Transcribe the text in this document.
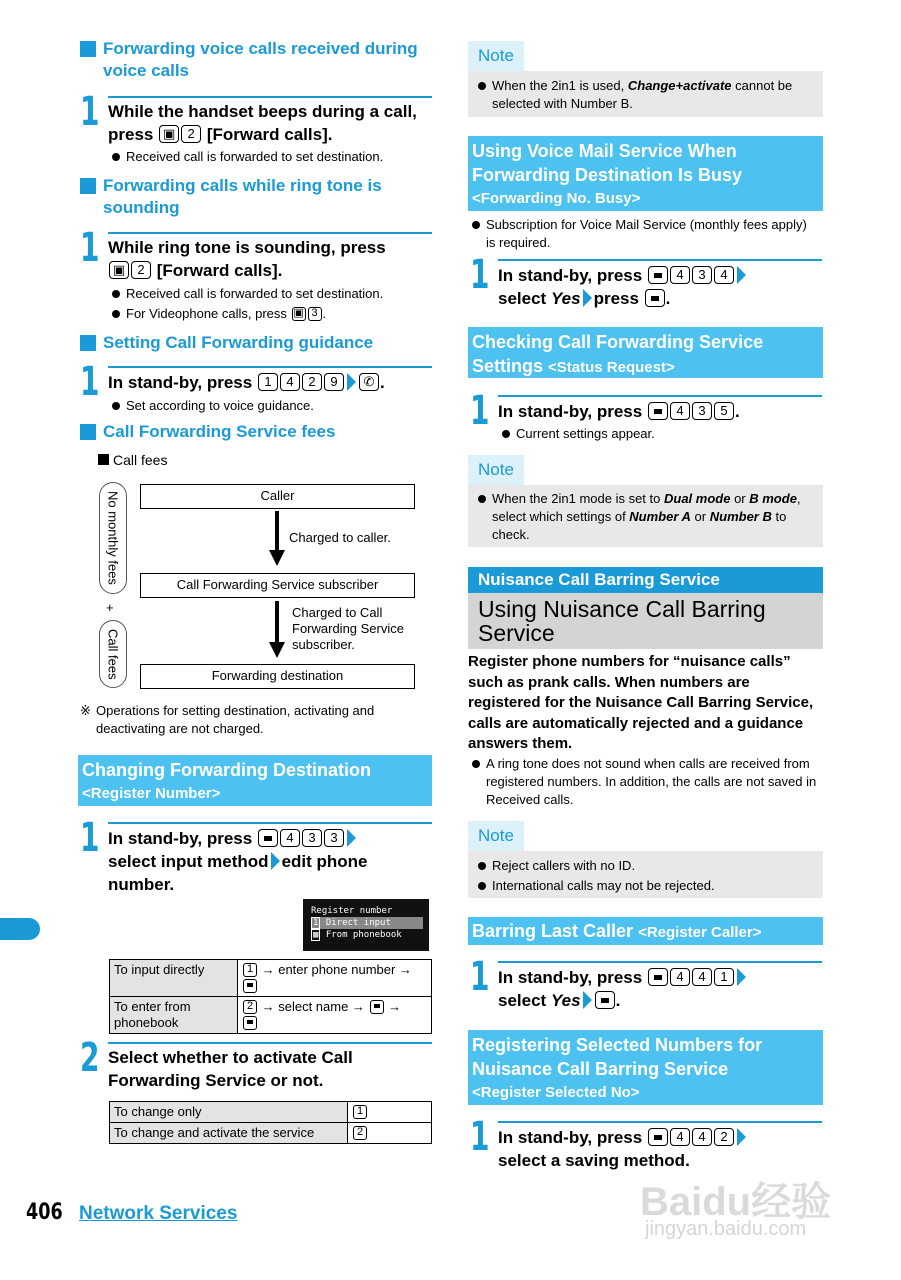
Forwarding voice calls received during voice calls
1 While the handset beeps during a call, press ▣ 2 [Forward calls].
Received call is forwarded to set destination.
Forwarding calls while ring tone is sounding
1 While ring tone is sounding, press
▣ 2 [Forward calls].
Received call is forwarded to set destination.
For Videophone calls, press ▣ 3 .
Setting Call Forwarding guidance
1 In stand-by, press 1 4 2 9 ✆ .
Set according to voice guidance.
Call Forwarding Service fees
Call fees
No monthly fees
+
Call fees
Caller
Charged to caller.
Call Forwarding Service subscriber
Charged to Call Forwarding Service subscriber.
Forwarding destination
※ Operations for setting destination, activating and deactivating are not charged.
Changing Forwarding Destination
<Register Number>
1 In stand-by, press 4 3 3
select input method edit phone
number.
Register number
1 Direct input
▦ From phonebook
To input directly	1 → enter phone number →

To enter from phonebook	2 → select name →  →

2 Select whether to activate Call Forwarding Service or not.
To change only	1
To change and activate the service	2
Note
When the 2in1 is used, Change+activate cannot be selected with Number B.
Using Voice Mail Service When Forwarding Destination Is Busy
<Forwarding No. Busy>
Subscription for Voice Mail Service (monthly fees apply) is required.
1 In stand-by, press 4 3 4
select Yes press .
Checking Call Forwarding Service Settings <Status Request>
1 In stand-by, press 4 3 5 .
Current settings appear.
Note
When the 2in1 mode is set to Dual mode or B mode, select which settings of Number A or Number B to check.
Nuisance Call Barring Service
Using Nuisance Call Barring Service
Register phone numbers for “nuisance calls” such as prank calls. When numbers are registered for the Nuisance Call Barring Service, calls are automatically rejected and a guidance answers them.
A ring tone does not sound when calls are received from registered numbers. In addition, the calls are not saved in Received calls.
Note
Reject callers with no ID.
International calls may not be rejected.
Barring Last Caller <Register Caller>
1 In stand-by, press 4 4 1
select Yes .
Registering Selected Numbers for Nuisance Call Barring Service
<Register Selected No>
1 In stand-by, press 4 4 2
select a saving method.
406 Network Services	Baidu经验
jingyan.baidu.com
